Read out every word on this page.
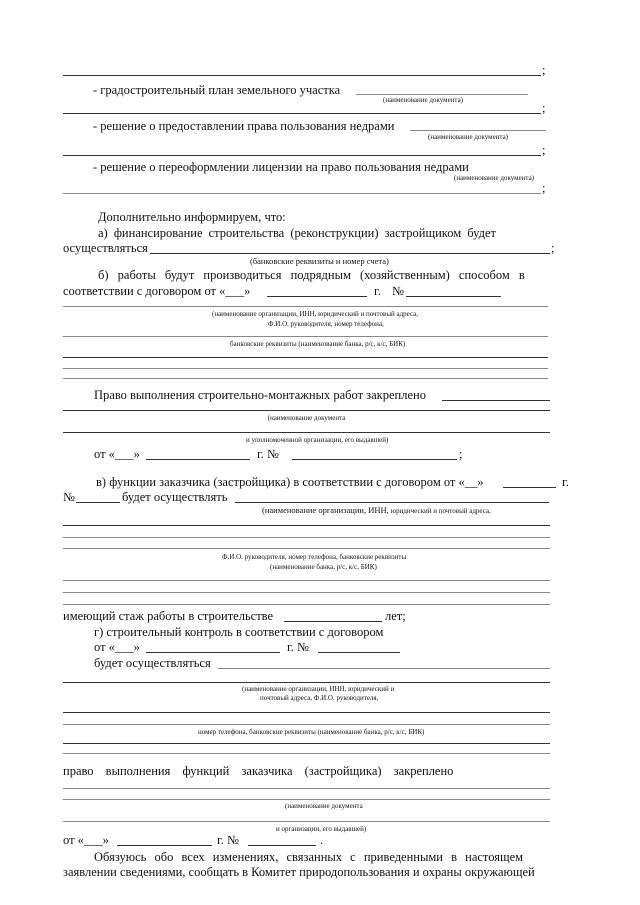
;
- градостроительный план земельного участка
(наименование документа)
;
- решение о предоставлении права пользования недрами
(наименование документа)
;
- решение о переоформлении лицензии на право пользования недрами
(наименование документа)
;
Дополнительно информируем, что:
а) финансирование строительства (реконструкции) застройщиком будет
осуществляться	;
(банковские реквизиты и номер счета)
б) работы будут производиться подрядным (хозяйственным) способом в
соответствии с договором от «___»	г. №
(наименование организации, ИНН, юридический и почтовый адреса,
Ф.И.О. руководителя, номер телефона,
банковские реквизиты (наименование банка, р/с, к/с, БИК)
Право выполнения строительно-монтажных работ закреплено
(наименование документа
и уполномоченной организации, его выдавшей)
от «___»	г. №	;
в) функции заказчика (застройщика) в соответствии с договором от «__»	г.
№	будет осуществлять
(наименование организации, ИНН, юридический и почтовый адреса,
Ф.И.О. руководителя, номер телефона, банковские реквизиты
(наименование банка, р/с, к/с, БИК)
имеющий стаж работы в строительстве	лет;
г) строительный контроль в соответствии с договором
от «___»	г. №
будет осуществляться
(наименование организации, ИНН, юридический и
почтовый адреса, Ф.И.О. руководителя,
номер телефона, банковские реквизиты (наименование банка, р/с, к/с, БИК)
право выполнения функций заказчика (застройщика) закреплено
(наименование документа
и организации, его выдавшей)
от «___»	г. №	.
Обязуюсь обо всех изменениях, связанных с приведенными в настоящем
заявлении сведениями, сообщать в Комитет природопользования и охраны окружающей
